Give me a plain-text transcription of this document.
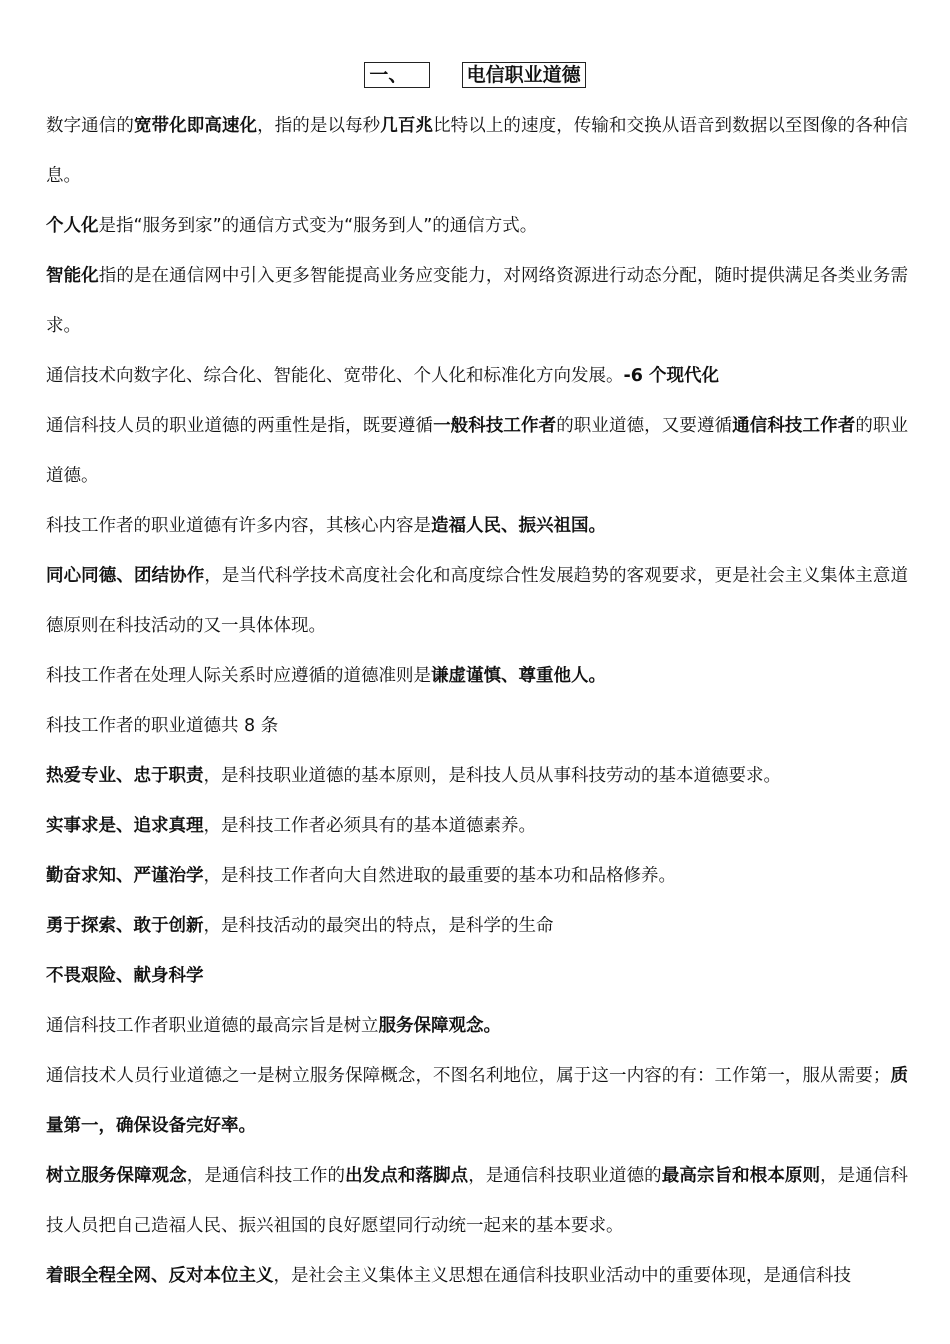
一、	电信职业道德
数字通信的宽带化即高速化，指的是以每秒几百兆比特以上的速度，传输和交换从语音到数据以至图像的各种信息。
个人化是指“服务到家”的通信方式变为“服务到人”的通信方式。
智能化指的是在通信网中引入更多智能提高业务应变能力，对网络资源进行动态分配，随时提供满足各类业务需求。
通信技术向数字化、综合化、智能化、宽带化、个人化和标准化方向发展。-6 个现代化
通信科技人员的职业道德的两重性是指，既要遵循一般科技工作者的职业道德，又要遵循通信科技工作者的职业道德。
科技工作者的职业道德有许多内容，其核心内容是造福人民、振兴祖国。
同心同德、团结协作，是当代科学技术高度社会化和高度综合性发展趋势的客观要求，更是社会主义集体主意道德原则在科技活动的又一具体体现。
科技工作者在处理人际关系时应遵循的道德准则是谦虚谨慎、尊重他人。
科技工作者的职业道德共 8 条
热爱专业、忠于职责，是科技职业道德的基本原则，是科技人员从事科技劳动的基本道德要求。
实事求是、追求真理，是科技工作者必须具有的基本道德素养。
勤奋求知、严谨治学，是科技工作者向大自然进取的最重要的基本功和品格修养。
勇于探索、敢于创新，是科技活动的最突出的特点，是科学的生命
不畏艰险、献身科学
通信科技工作者职业道德的最高宗旨是树立服务保障观念。
通信技术人员行业道德之一是树立服务保障概念，不图名利地位，属于这一内容的有：工作第一，服从需要；质量第一，确保设备完好率。
树立服务保障观念，是通信科技工作的出发点和落脚点，是通信科技职业道德的最高宗旨和根本原则，是通信科技人员把自己造福人民、振兴祖国的良好愿望同行动统一起来的基本要求。
着眼全程全网、反对本位主义，是社会主义集体主义思想在通信科技职业活动中的重要体现，是通信科技
